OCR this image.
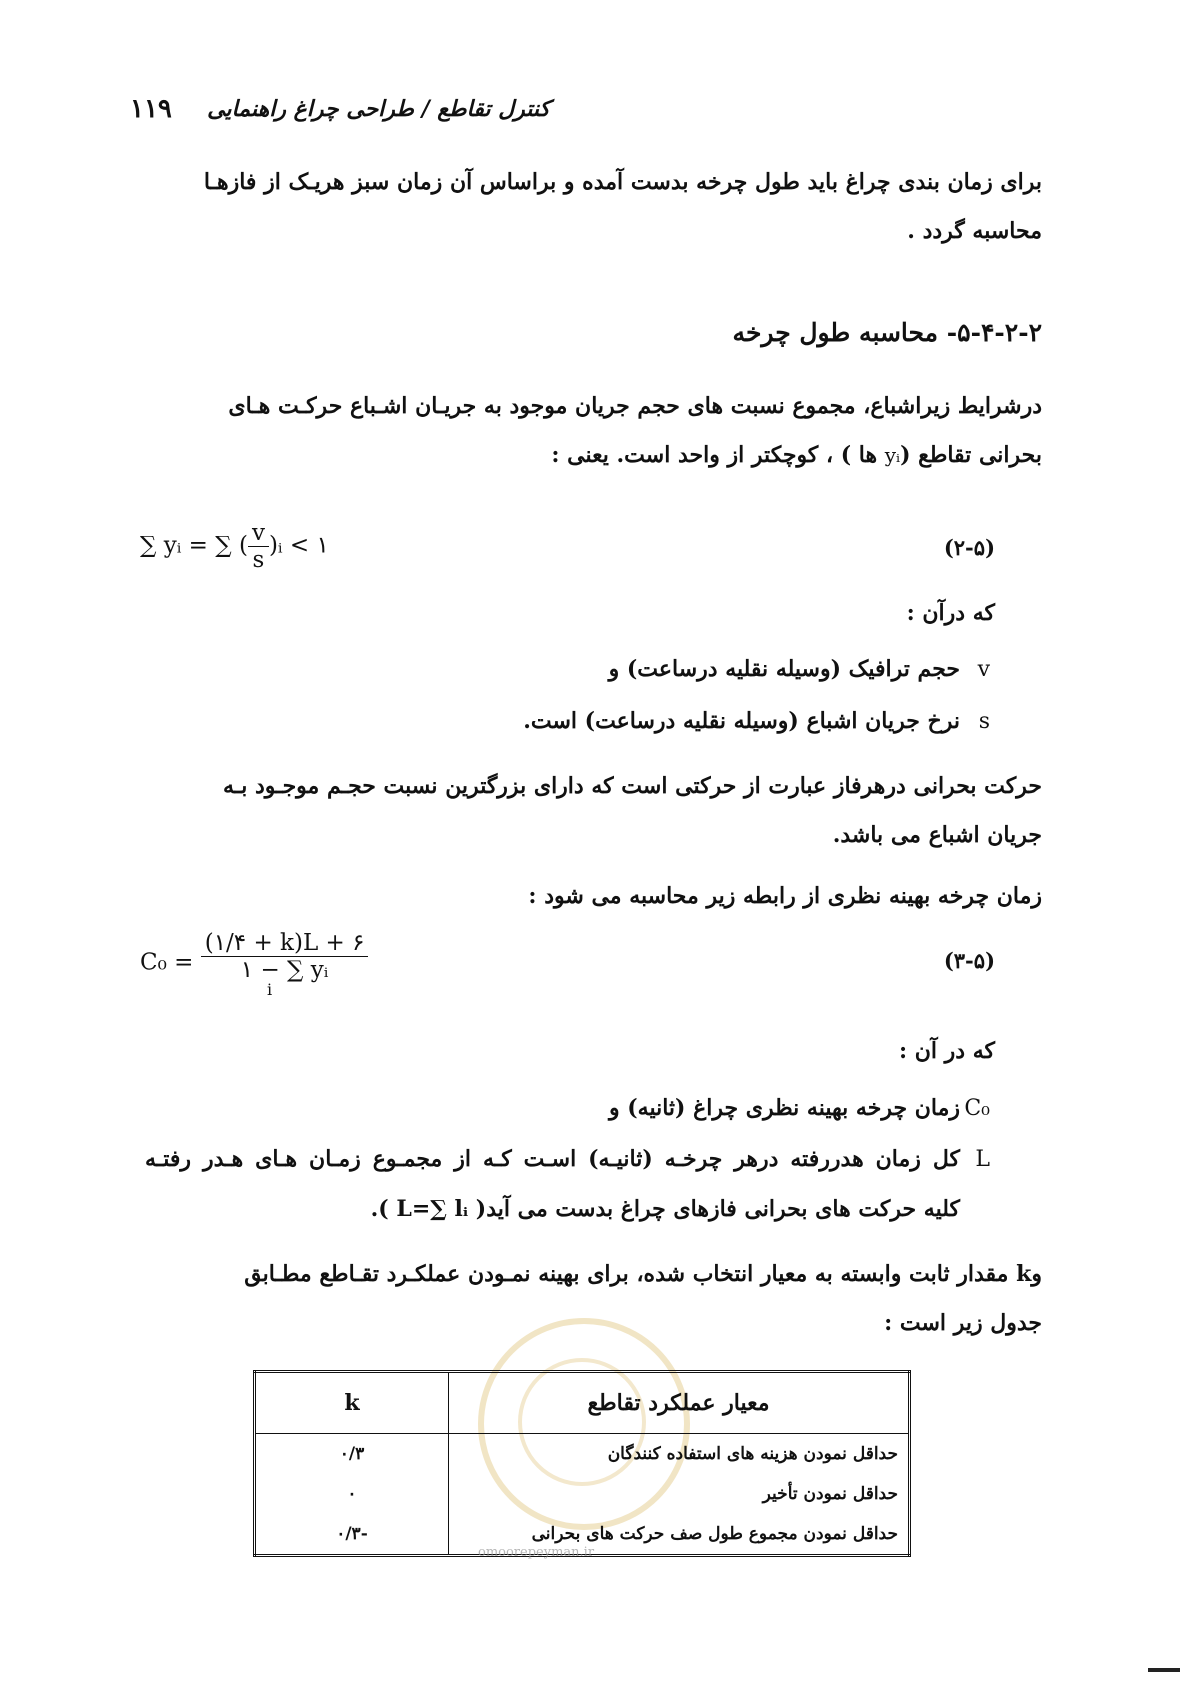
۱۱۹ کنترل تقاطع / طراحی چراغ راهنمایی
برای زمان بندی چراغ باید طول چرخه بدست آمده و براساس آن زمان سبز هریـک از فازهـا
محاسبه گردد .
۵-۴-۲-۲- محاسبه طول چرخه
درشرایط زیراشباع، مجموع نسبت های حجم جریان موجود به جریـان اشـباع حرکـت هـای
بحرانی تقاطع (yᵢ ها ) ، کوچکتر از واحد است. یعنی :
∑ yᵢ = ∑ ( $\frac{v}{s}$ )ᵢ < ۱	(۲-۵)
که درآن :
vحجم ترافیک (وسیله نقلیه درساعت) و
sنرخ جریان اشباع (وسیله نقلیه درساعت) است.
حرکت بحرانی درهرفاز عبارت از حرکتی است که دارای بزرگترین نسبت حجـم موجـود بـه
جریان اشباع می باشد.
زمان چرخه بهینه نظری از رابطه زیر محاسبه می شود :
C₀ =
(۱/۴ + k)L + ۶
۱ − ∑ yᵢ
i
(۳-۵)
که در آن :
C₀زمان چرخه بهینه نظری چراغ (ثانیه) و
Lکل زمان هدررفته درهر چرخـه (ثانیـه) اسـت کـه از مجمـوع زمـان هـای هـدر رفتـه
کلیه حرکت های بحرانی فازهای چراغ بدست می آید( L=∑ lᵢ ).
وk مقدار ثابت وابسته به معیار انتخاب شده، برای بهینه نمـودن عملکـرد تقـاطع مطـابق
جدول زیر است :
k	معیار عملکرد تقاطع
۰/۳	حداقل نمودن هزینه های استفاده کنندگان
۰	حداقل نمودن تأخیر
-۰/۳	حداقل نمودن مجموع طول صف حرکت های بحرانی
omoorepeyman.ir
